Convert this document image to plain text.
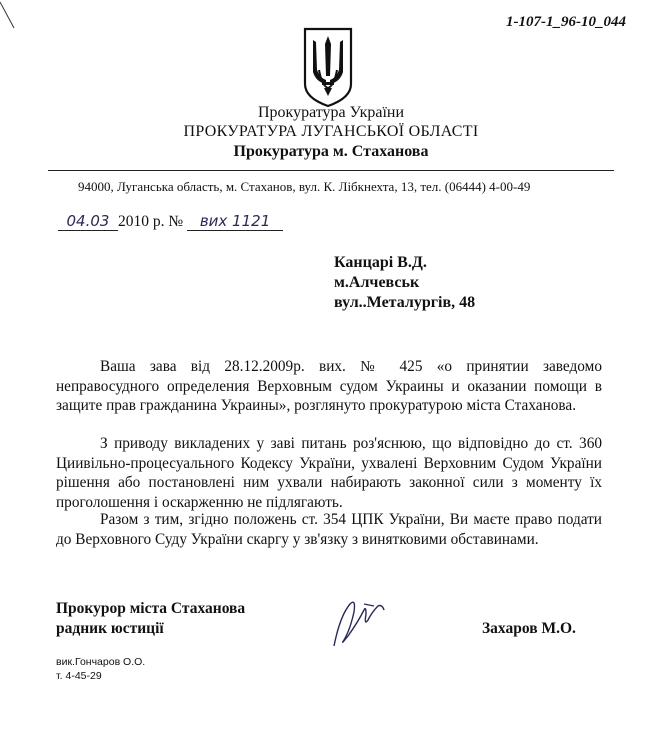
1-107-1_96-10_044
Прокуратура України
ПРОКУРАТУРА ЛУГАНСЬКОЇ ОБЛАСТІ
Прокуратура м. Стаханова
94000, Луганська область, м. Стаханов, вул. К. Лібкнехта, 13, тел. (06444) 4-00-49
04.03 2010 р. № вих 1121
Канцарі В.Д.
м.Алчевськ
вул..Металургів, 48

Ваша зава від 28.12.2009р. вих. № 425 «о принятии заведомо неправосудного определения Верховным судом Украины и оказании помощи в защите прав гражданина Украины», розглянуто прокуратурою міста Стаханова.

З приводу викладених у заві питань роз'яснюю, що відповідно до ст. 360 Циивільно-процесуального Кодексу України, ухвалені Верховним Судом України рішення або постановлені ним ухвали набирають законної сили з моменту їх проголошення і оскарженню не підлягають.

Разом з тим, згідно положень ст. 354 ЦПК України, Ви маєте право подати до Верховного Суду України скаргу у зв'язку з винятковими обставинами.

Прокурор міста Стаханова
радник юстиції	Захаров М.О.
вик.Гончаров О.О.
т. 4-45-29
